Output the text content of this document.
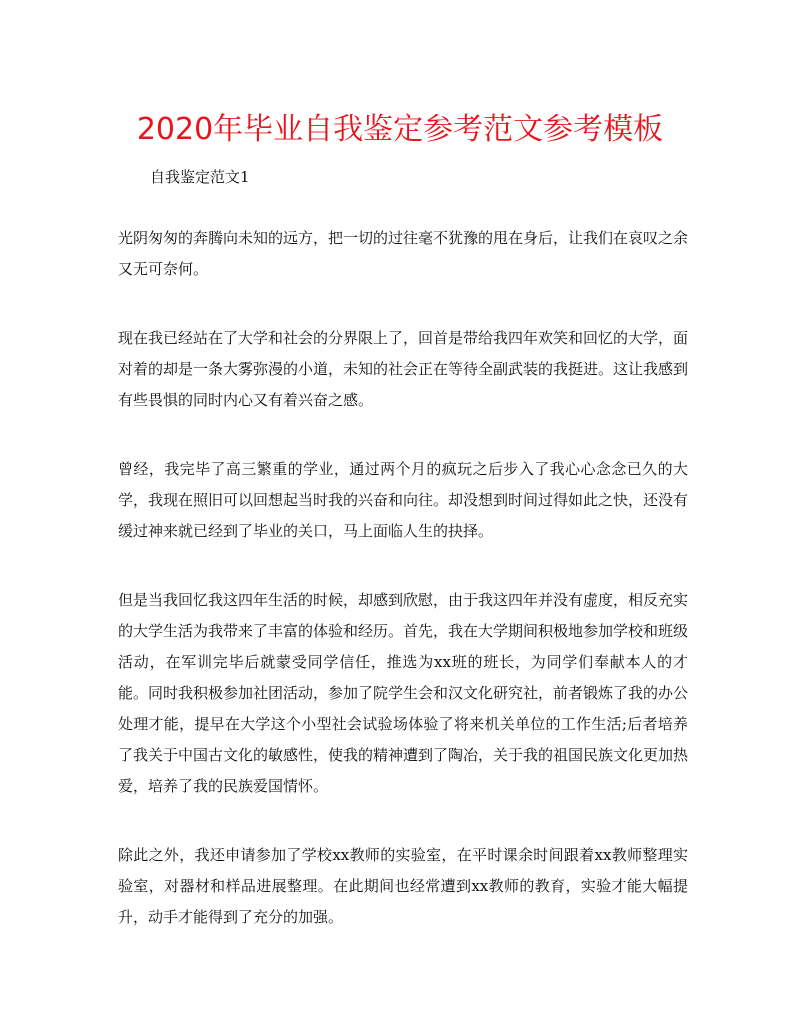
2020年毕业自我鉴定参考范文参考模板

自我鉴定范文1

光阴匆匆的奔腾向未知的远方，把一切的过往毫不犹豫的甩在身后，让我们在哀叹之余又无可奈何。

现在我已经站在了大学和社会的分界限上了，回首是带给我四年欢笑和回忆的大学，面对着的却是一条大雾弥漫的小道，未知的社会正在等待全副武装的我挺进。这让我感到有些畏惧的同时内心又有着兴奋之感。

曾经，我完毕了高三繁重的学业，通过两个月的疯玩之后步入了我心心念念已久的大学，我现在照旧可以回想起当时我的兴奋和向往。却没想到时间过得如此之快，还没有缓过神来就已经到了毕业的关口，马上面临人生的抉择。

但是当我回忆我这四年生活的时候，却感到欣慰，由于我这四年并没有虚度，相反充实的大学生活为我带来了丰富的体验和经历。首先，我在大学期间积极地参加学校和班级活动，在军训完毕后就蒙受同学信任，推选为xx班的班长，为同学们奉献本人的才能。同时我积极参加社团活动，参加了院学生会和汉文化研究社，前者锻炼了我的办公处理才能，提早在大学这个小型社会试验场体验了将来机关单位的工作生活;后者培养了我关于中国古文化的敏感性，使我的精神遭到了陶冶，关于我的祖国民族文化更加热爱，培养了我的民族爱国情怀。

除此之外，我还申请参加了学校xx教师的实验室，在平时课余时间跟着xx教师整理实验室，对器材和样品进展整理。在此期间也经常遭到xx教师的教育，实验才能大幅提升，动手才能得到了充分的加强。
